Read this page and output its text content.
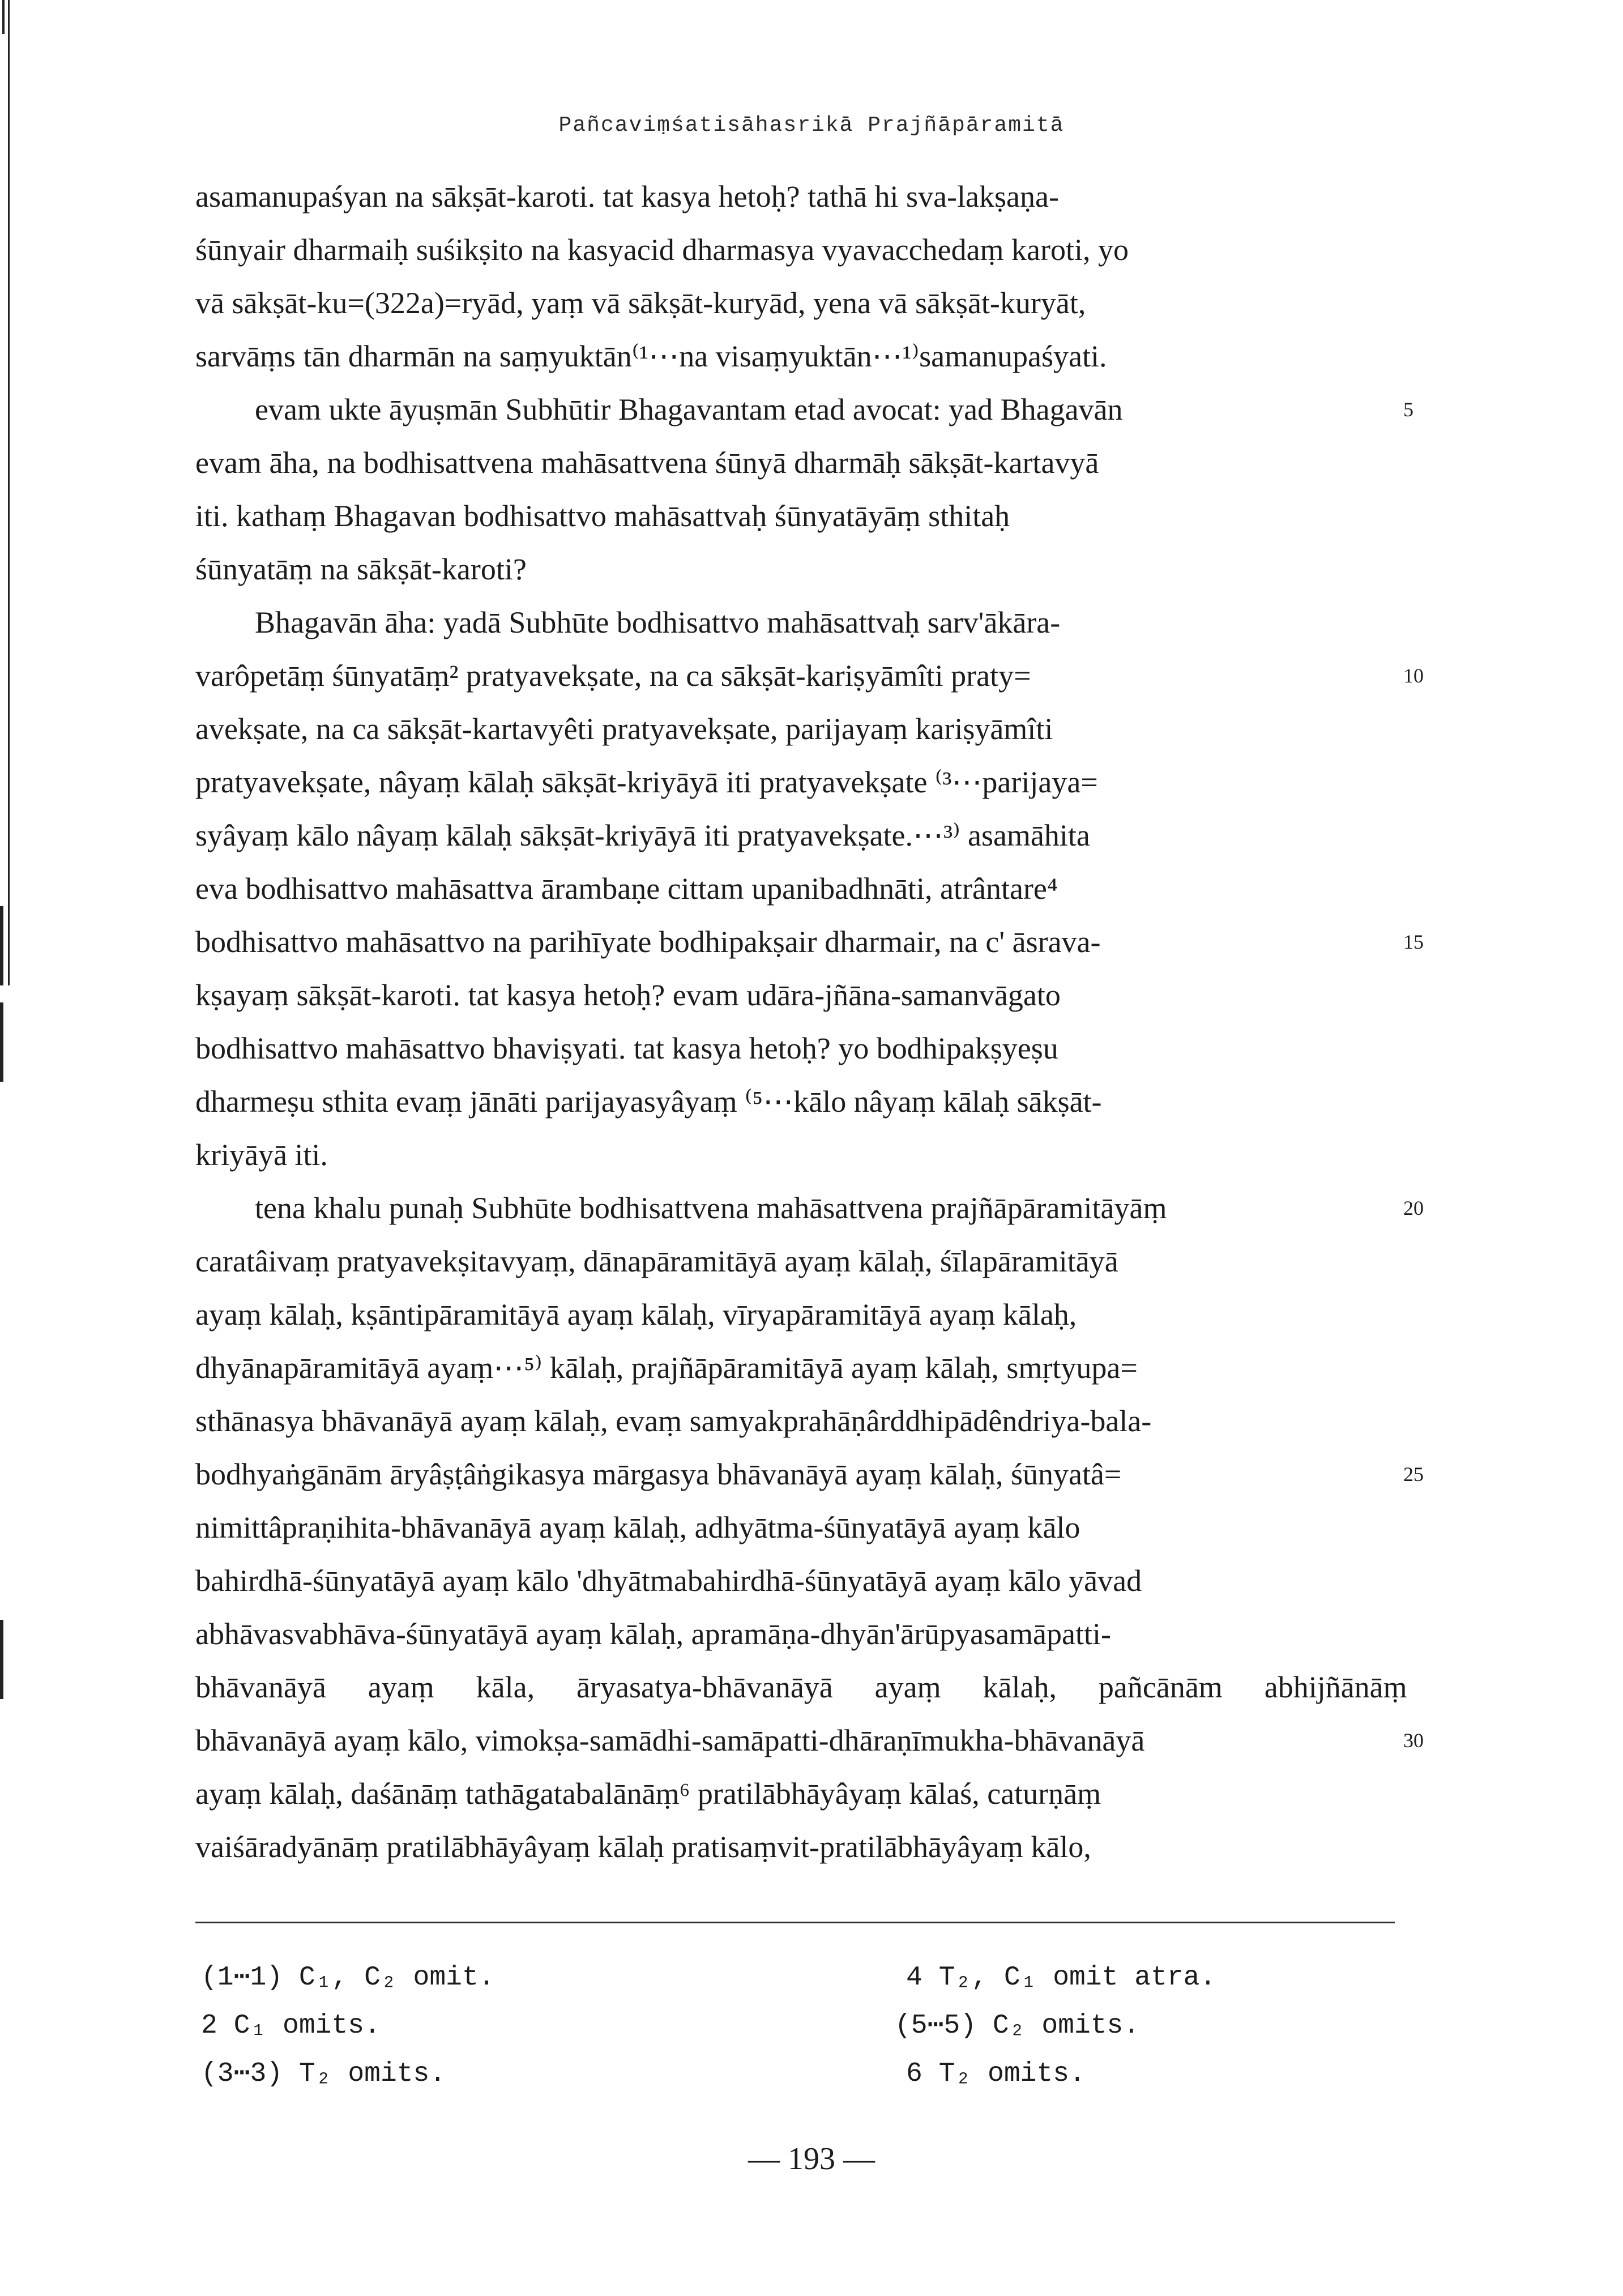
Pañcaviṃśatisāhasrikā Prajñāpāramitā
asamanupaśyan na sākṣāt-karoti. tat kasya hetoḥ? tathā hi sva-lakṣaṇa-
śūnyair dharmaiḥ suśikṣito na kasyacid dharmasya vyavacchedaṃ karoti, yo
vā sākṣāt-ku=(322a)=ryād, yaṃ vā sākṣāt-kuryād, yena vā sākṣāt-kuryāt,
sarvāṃs tān dharmān na saṃyuktān⁽¹⋯na visaṃyuktān⋯¹⁾samanupaśyati.
evam ukte āyuṣmān Subhūtir Bhagavantam etad avocat: yad Bhagavān
evam āha, na bodhisattvena mahāsattvena śūnyā dharmāḥ sākṣāt-kartavyā
iti. kathaṃ Bhagavan bodhisattvo mahāsattvaḥ śūnyatāyāṃ sthitaḥ
śūnyatāṃ na sākṣāt-karoti?
Bhagavān āha: yadā Subhūte bodhisattvo mahāsattvaḥ sarv'ākāra-
varôpetāṃ śūnyatāṃ² pratyavekṣate, na ca sākṣāt-kariṣyāmîti praty=
avekṣate, na ca sākṣāt-kartavyêti pratyavekṣate, parijayaṃ kariṣyāmîti
pratyavekṣate, nâyaṃ kālaḥ sākṣāt-kriyāyā iti pratyavekṣate ⁽³⋯parijaya=
syâyaṃ kālo nâyaṃ kālaḥ sākṣāt-kriyāyā iti pratyavekṣate.⋯³⁾ asamāhita
eva bodhisattvo mahāsattva ārambaṇe cittam upanibadhnāti, atrântare⁴
bodhisattvo mahāsattvo na parihīyate bodhipakṣair dharmair, na c' āsrava-
kṣayaṃ sākṣāt-karoti. tat kasya hetoḥ? evam udāra-jñāna-samanvāgato
bodhisattvo mahāsattvo bhaviṣyati. tat kasya hetoḥ? yo bodhipakṣyeṣu
dharmeṣu sthita evaṃ jānāti parijayasyâyaṃ ⁽⁵⋯kālo nâyaṃ kālaḥ sākṣāt-
kriyāyā iti.
tena khalu punaḥ Subhūte bodhisattvena mahāsattvena prajñāpāramitāyāṃ
caratâivaṃ pratyavekṣitavyaṃ, dānapāramitāyā ayaṃ kālaḥ, śīlapāramitāyā
ayaṃ kālaḥ, kṣāntipāramitāyā ayaṃ kālaḥ, vīryapāramitāyā ayaṃ kālaḥ,
dhyānapāramitāyā ayaṃ⋯⁵⁾ kālaḥ, prajñāpāramitāyā ayaṃ kālaḥ, smṛtyupa=
sthānasya bhāvanāyā ayaṃ kālaḥ, evaṃ samyakprahāṇârddhipādêndriya-bala-
bodhyaṅgānām āryâṣṭâṅgikasya mārgasya bhāvanāyā ayaṃ kālaḥ, śūnyatâ=
nimittâpraṇihita-bhāvanāyā ayaṃ kālaḥ, adhyātma-śūnyatāyā ayaṃ kālo
bahirdhā-śūnyatāyā ayaṃ kālo 'dhyātmabahirdhā-śūnyatāyā ayaṃ kālo yāvad
abhāvasvabhāva-śūnyatāyā ayaṃ kālaḥ, apramāṇa-dhyān'ārūpyasamāpatti-
bhāvanāyā ayaṃ kāla, āryasatya-bhāvanāyā ayaṃ kālaḥ, pañcānām abhijñānāṃ
bhāvanāyā ayaṃ kālo, vimokṣa-samādhi-samāpatti-dhāraṇīmukha-bhāvanāyā
ayaṃ kālaḥ, daśānāṃ tathāgatabalānāṃ⁶ pratilābhāyâyaṃ kālaś, caturṇāṃ
vaiśāradyānāṃ pratilābhāyâyaṃ kālaḥ pratisaṃvit-pratilābhāyâyaṃ kālo,
(1⋯1) C₁, C₂ omit.
2 C₁ omits.
(3⋯3) T₂ omits.
4 T₂, C₁ omit atra.
(5⋯5) C₂ omits.
6 T₂ omits.
— 193 —
5
10
15
20
25
30
